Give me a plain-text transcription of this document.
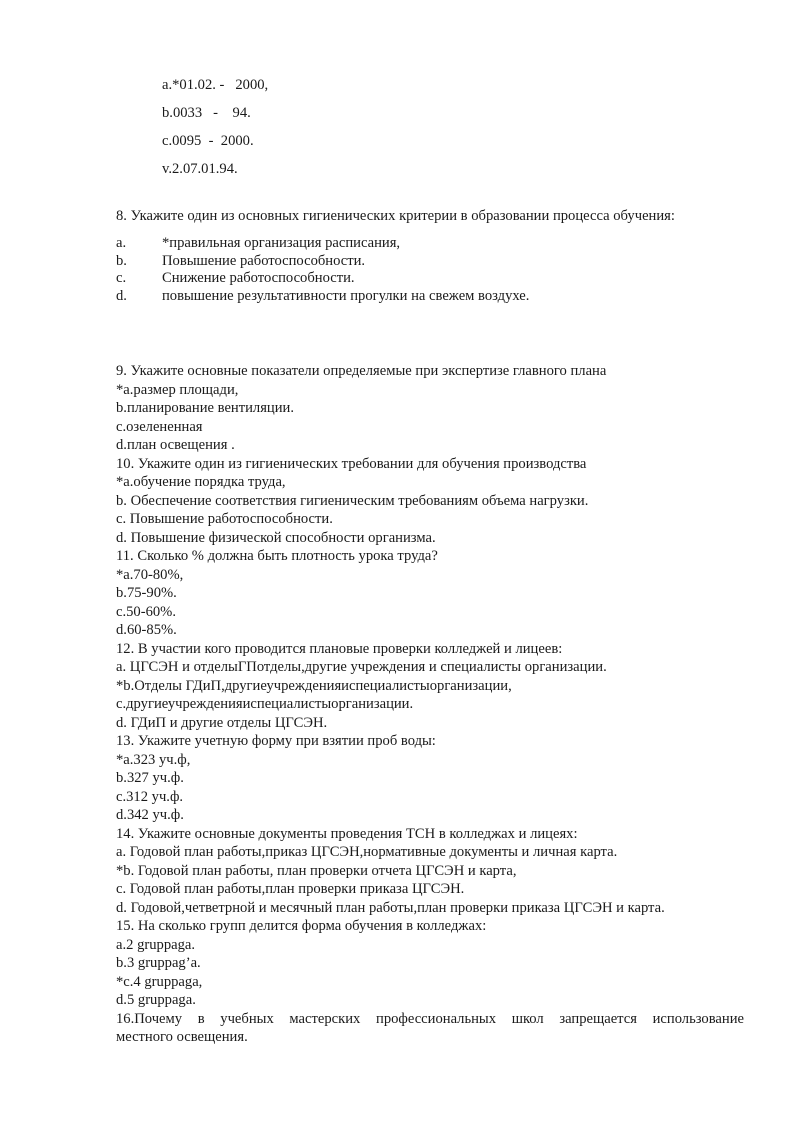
a.*01.02. -   2000,
b.0033   -    94.
c.0095  -  2000.
v.2.07.01.94.
8. Укажите один из основных гигиенических критерии в образовании процесса обучения:
a.	*правильная организация расписания,
b.	Повышение работоспособности.
c.	Снижение работоспособности.
d.	повышение результативности прогулки на свежем воздухе.
9. Укажите основные показатели определяемые при экспертизе главного плана
*a.размер площади,
b.планирование вентиляции.
c.озелененная
d.план освещения .
10. Укажите один из гигиенических требовании для обучения производства
*a.обучение порядка труда,
b. Обеспечение соответствия гигиеническим требованиям объема нагрузки.
c. Повышение работоспособности.
d. Повышение физической способности организма.
11. Сколько % должна быть плотность урока труда?
*a.70-80%,
b.75-90%.
c.50-60%.
d.60-85%.
12. В участии кого проводится плановые проверки колледжей и лицеев:
a. ЦГСЭН и отделыГПотделы,другие учреждения и специалисты организации.
*b.Отделы ГДиП,другиеучрежденияиспециалистыорганизации,
c.другиеучрежденияиспециалистыорганизации.
d. ГДиП и другие отделы ЦГСЭН.
13. Укажите учетную форму при взятии проб воды:
*a.323 уч.ф,
b.327 уч.ф.
c.312 уч.ф.
d.342 уч.ф.
14. Укажите основные документы проведения ТСН в колледжах и лицеях:
a. Годовой план работы,приказ ЦГСЭН,нормативные документы и личная карта.
*b. Годовой план работы, план проверки отчета ЦГСЭН и карта,
c. Годовой план работы,план проверки приказа ЦГСЭН.
d. Годовой,четветрной и месячный план работы,план проверки приказа ЦГСЭН и карта.
15. На сколько групп делится форма обучения в колледжах:
a.2 gruppaga.
b.3 gruppag’a.
*c.4 gruppaga,
d.5 gruppaga.
16.Почему в учебных мастерских профессиональных школ запрещается использование
местного освещения.
